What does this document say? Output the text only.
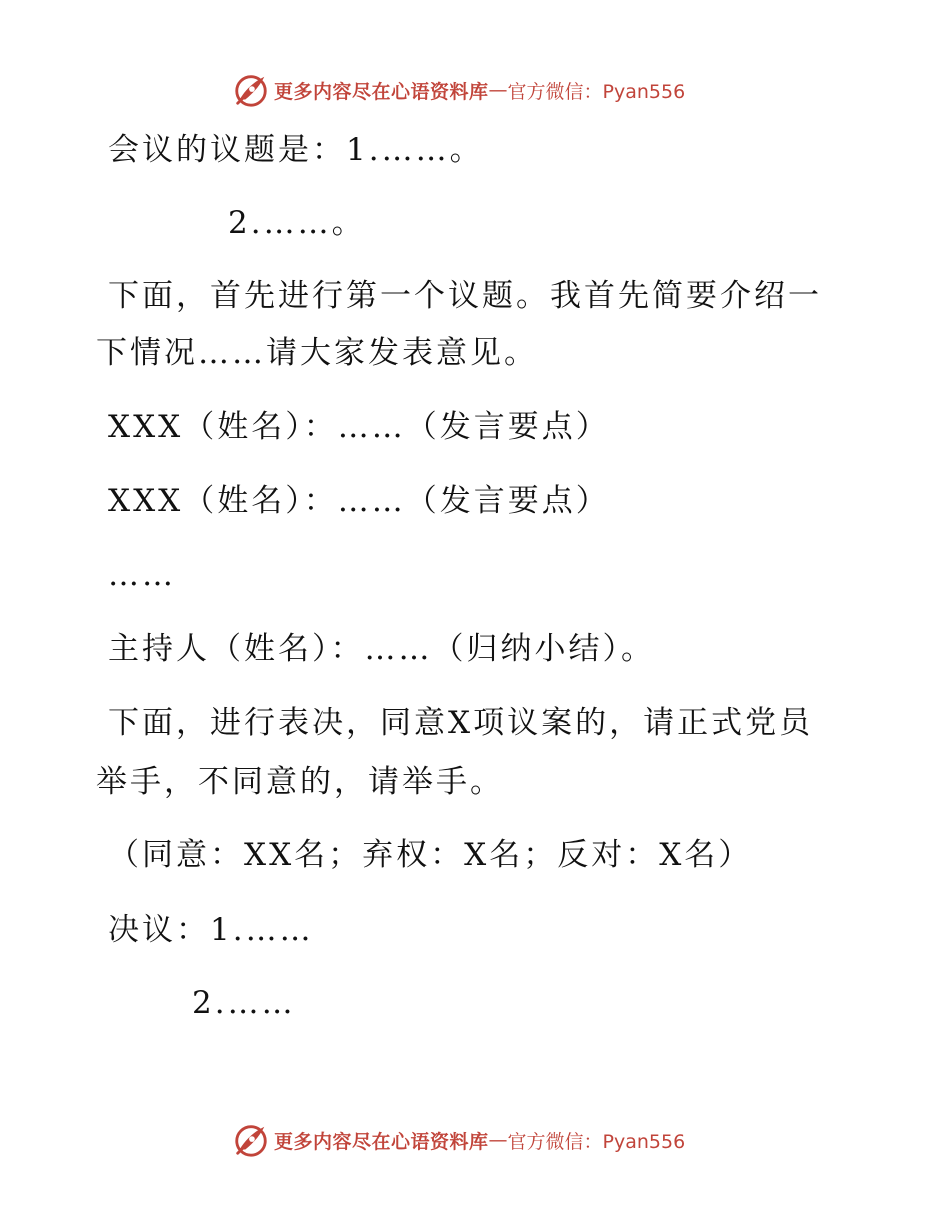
更多内容尽在心语资料库 — 官方微信：Pyan556
会议的议题是：1.……。
2.……。
下面，首先进行第一个议题。我首先简要介绍一
下情况……请大家发表意见。
XXX（姓名）：……（发言要点）
XXX（姓名）：……（发言要点）
……
主持人（姓名）：……（归纳小结）。
下面，进行表决，同意X项议案的，请正式党员
举手，不同意的，请举手。
（同意：XX名；弃权：X名；反对：X名）
决议：1.……
2.……
更多内容尽在心语资料库 — 官方微信：Pyan556
